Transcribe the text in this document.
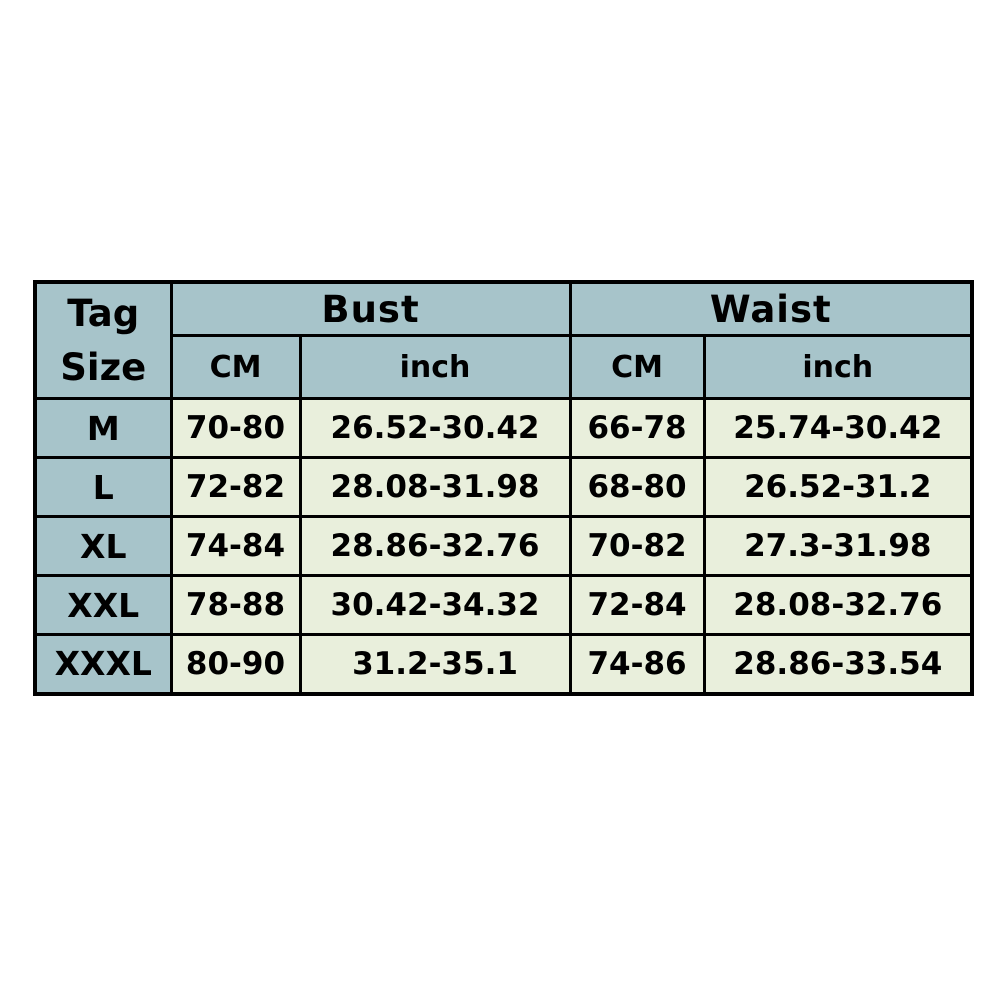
Tag
Size	Bust		Waist	
	CM	inch	CM	inch
M	70-80	26.52-30.42	66-78	25.74-30.42
L	72-82	28.08-31.98	68-80	26.52-31.2
XL	74-84	28.86-32.76	70-82	27.3-31.98
XXL	78-88	30.42-34.32	72-84	28.08-32.76
XXXL	80-90	31.2-35.1	74-86	28.86-33.54
